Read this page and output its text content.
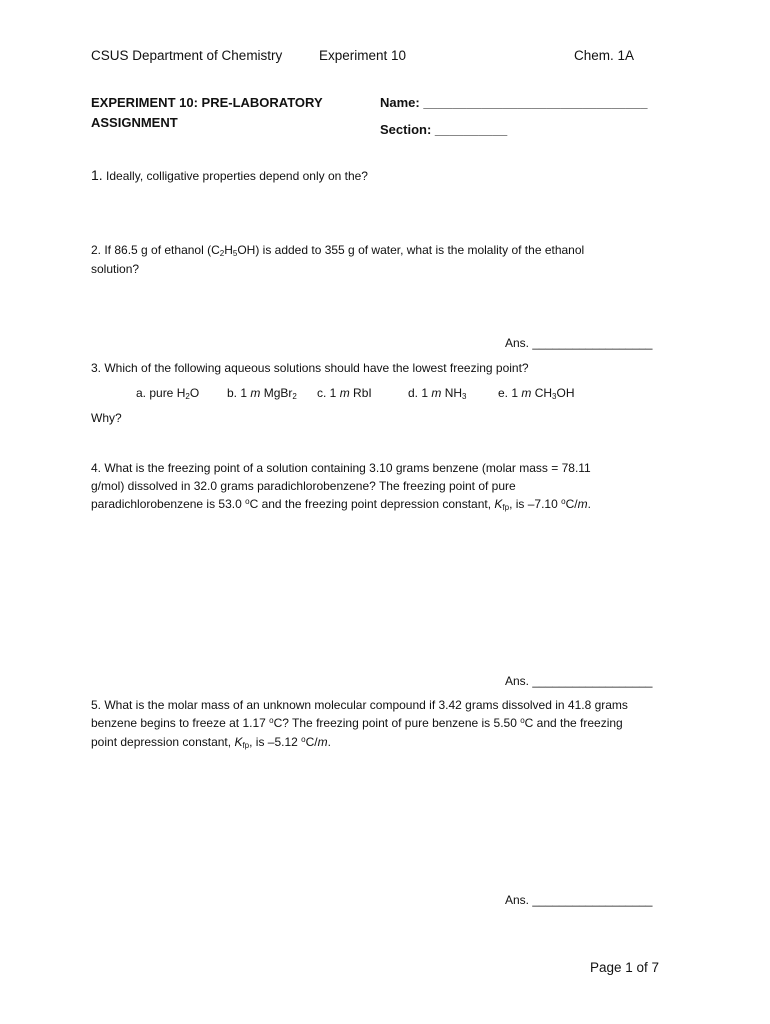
CSUS Department of Chemistry	Experiment 10	Chem. 1A
EXPERIMENT 10: PRE-LABORATORY
ASSIGNMENT
Name: _______________________________
Section: __________
1. Ideally, colligative properties depend only on the?
2. If 86.5 g of ethanol $(C_2H_5OH)$ is added to 355 g of water, what is the molality of the ethanol
solution?
Ans. __________________
3. Which of the following aqueous solutions should have the lowest freezing point?
a. pure $H_2O$ b. 1 m MgBr$_2$ c. 1 m RbI	d. 1 m $NH_3$	e. 1 m $CH_3OH$
Why?
4. What is the freezing point of a solution containing 3.10 grams benzene (molar mass = 78.11
g/mol) dissolved in 32.0 grams paradichlorobenzene? The freezing point of pure
paradichlorobenzene is 53.0 $^o$C and the freezing point depression constant, $K_{fp}$, is –7.10 $^o$C/m.
Ans. __________________
5. What is the molar mass of an unknown molecular compound if 3.42 grams dissolved in 41.8 grams
benzene begins to freeze at 1.17 $^o$C? The freezing point of pure benzene is 5.50 $^o$C and the freezing
point depression constant, $K_{fp}$, is –5.12 $^o$C/m.
Ans. __________________
Page 1 of 7
